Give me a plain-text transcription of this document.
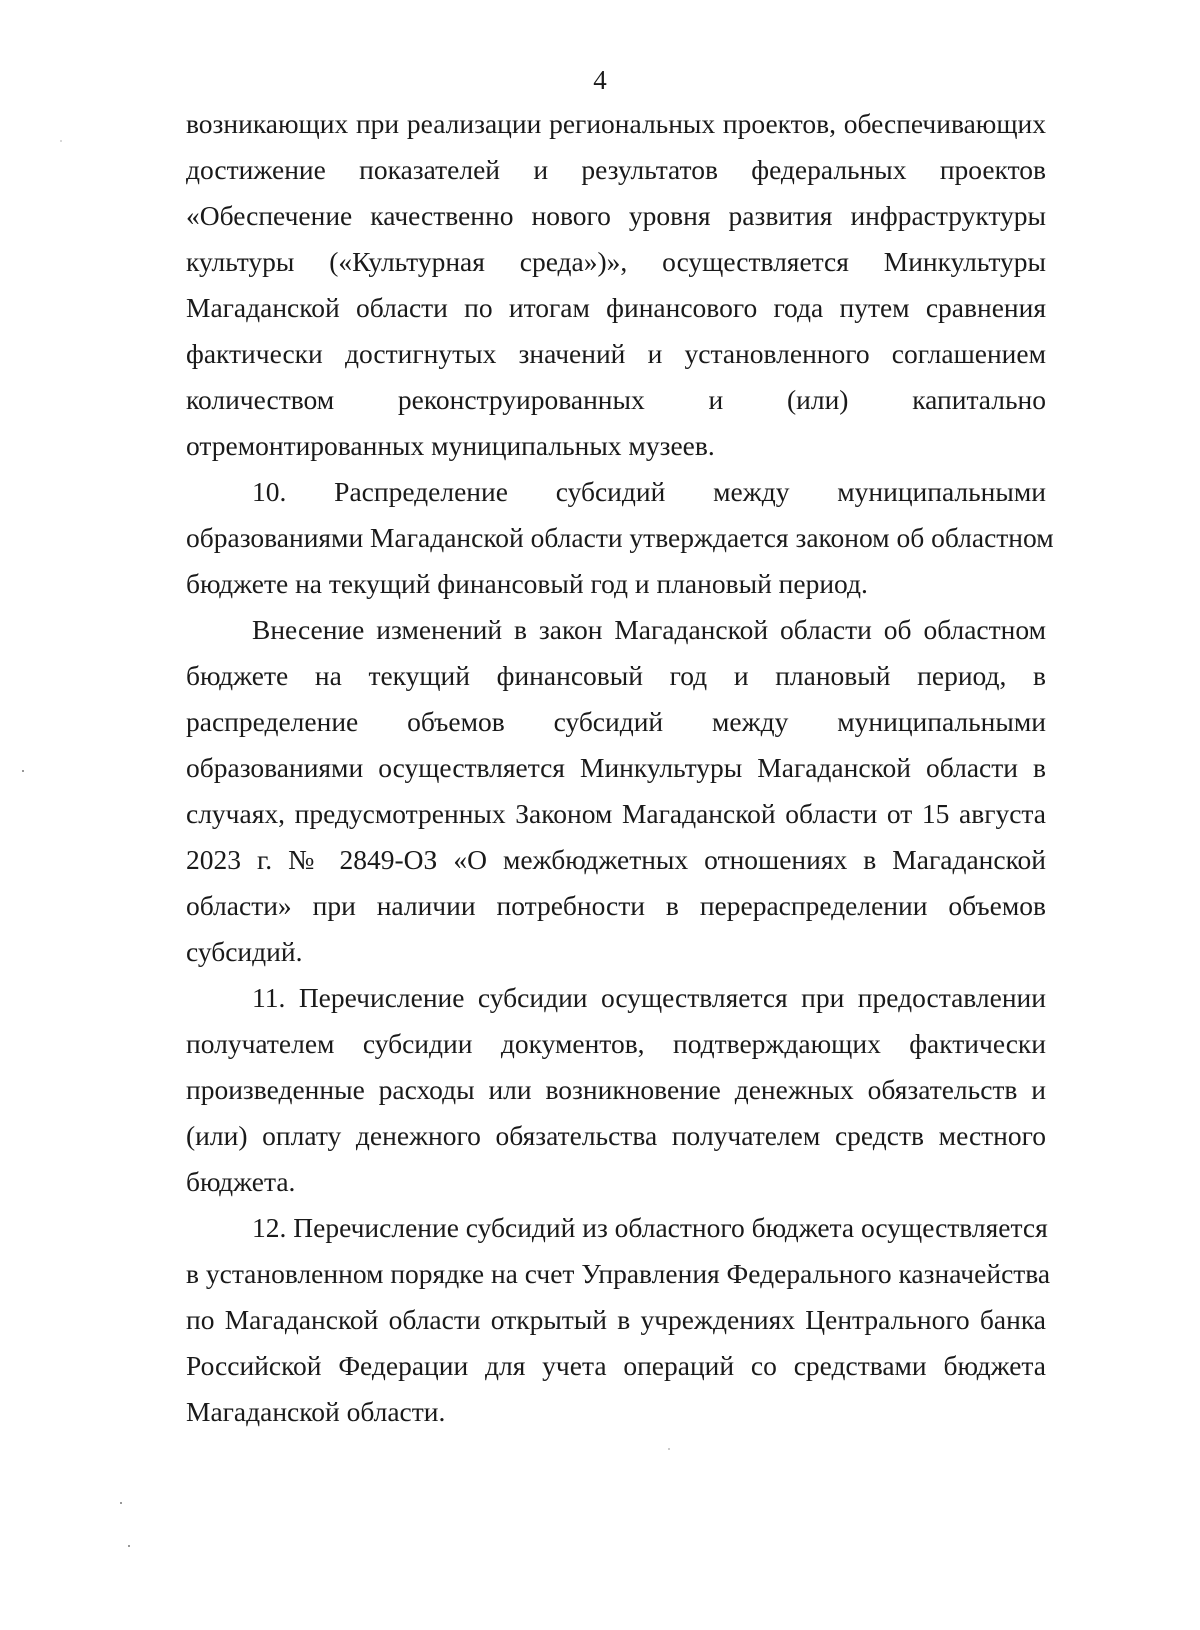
4
возникающих при реализации региональных проектов, обеспечивающих
достижение показателей и результатов федеральных проектов
«Обеспечение качественно нового уровня развития инфраструктуры
культуры («Культурная среда»)», осуществляется Минкультуры
Магаданской области по итогам финансового года путем сравнения
фактически достигнутых значений и установленного соглашением
количеством реконструированных и (или) капитально
отремонтированных муниципальных музеев.
10. Распределение субсидий между муниципальными
образованиями Магаданской области утверждается законом об областном
бюджете на текущий финансовый год и плановый период.
Внесение изменений в закон Магаданской области об областном
бюджете на текущий финансовый год и плановый период, в
распределение объемов субсидий между муниципальными
образованиями осуществляется Минкультуры Магаданской области в
случаях, предусмотренных Законом Магаданской области от 15 августа
2023 г. № 2849-ОЗ «О межбюджетных отношениях в Магаданской
области» при наличии потребности в перераспределении объемов
субсидий.
11. Перечисление субсидии осуществляется при предоставлении
получателем субсидии документов, подтверждающих фактически
произведенные расходы или возникновение денежных обязательств и
(или) оплату денежного обязательства получателем средств местного
бюджета.
12. Перечисление субсидий из областного бюджета осуществляется
в установленном порядке на счет Управления Федерального казначейства
по Магаданской области открытый в учреждениях Центрального банка
Российской Федерации для учета операций со средствами бюджета
Магаданской области.
